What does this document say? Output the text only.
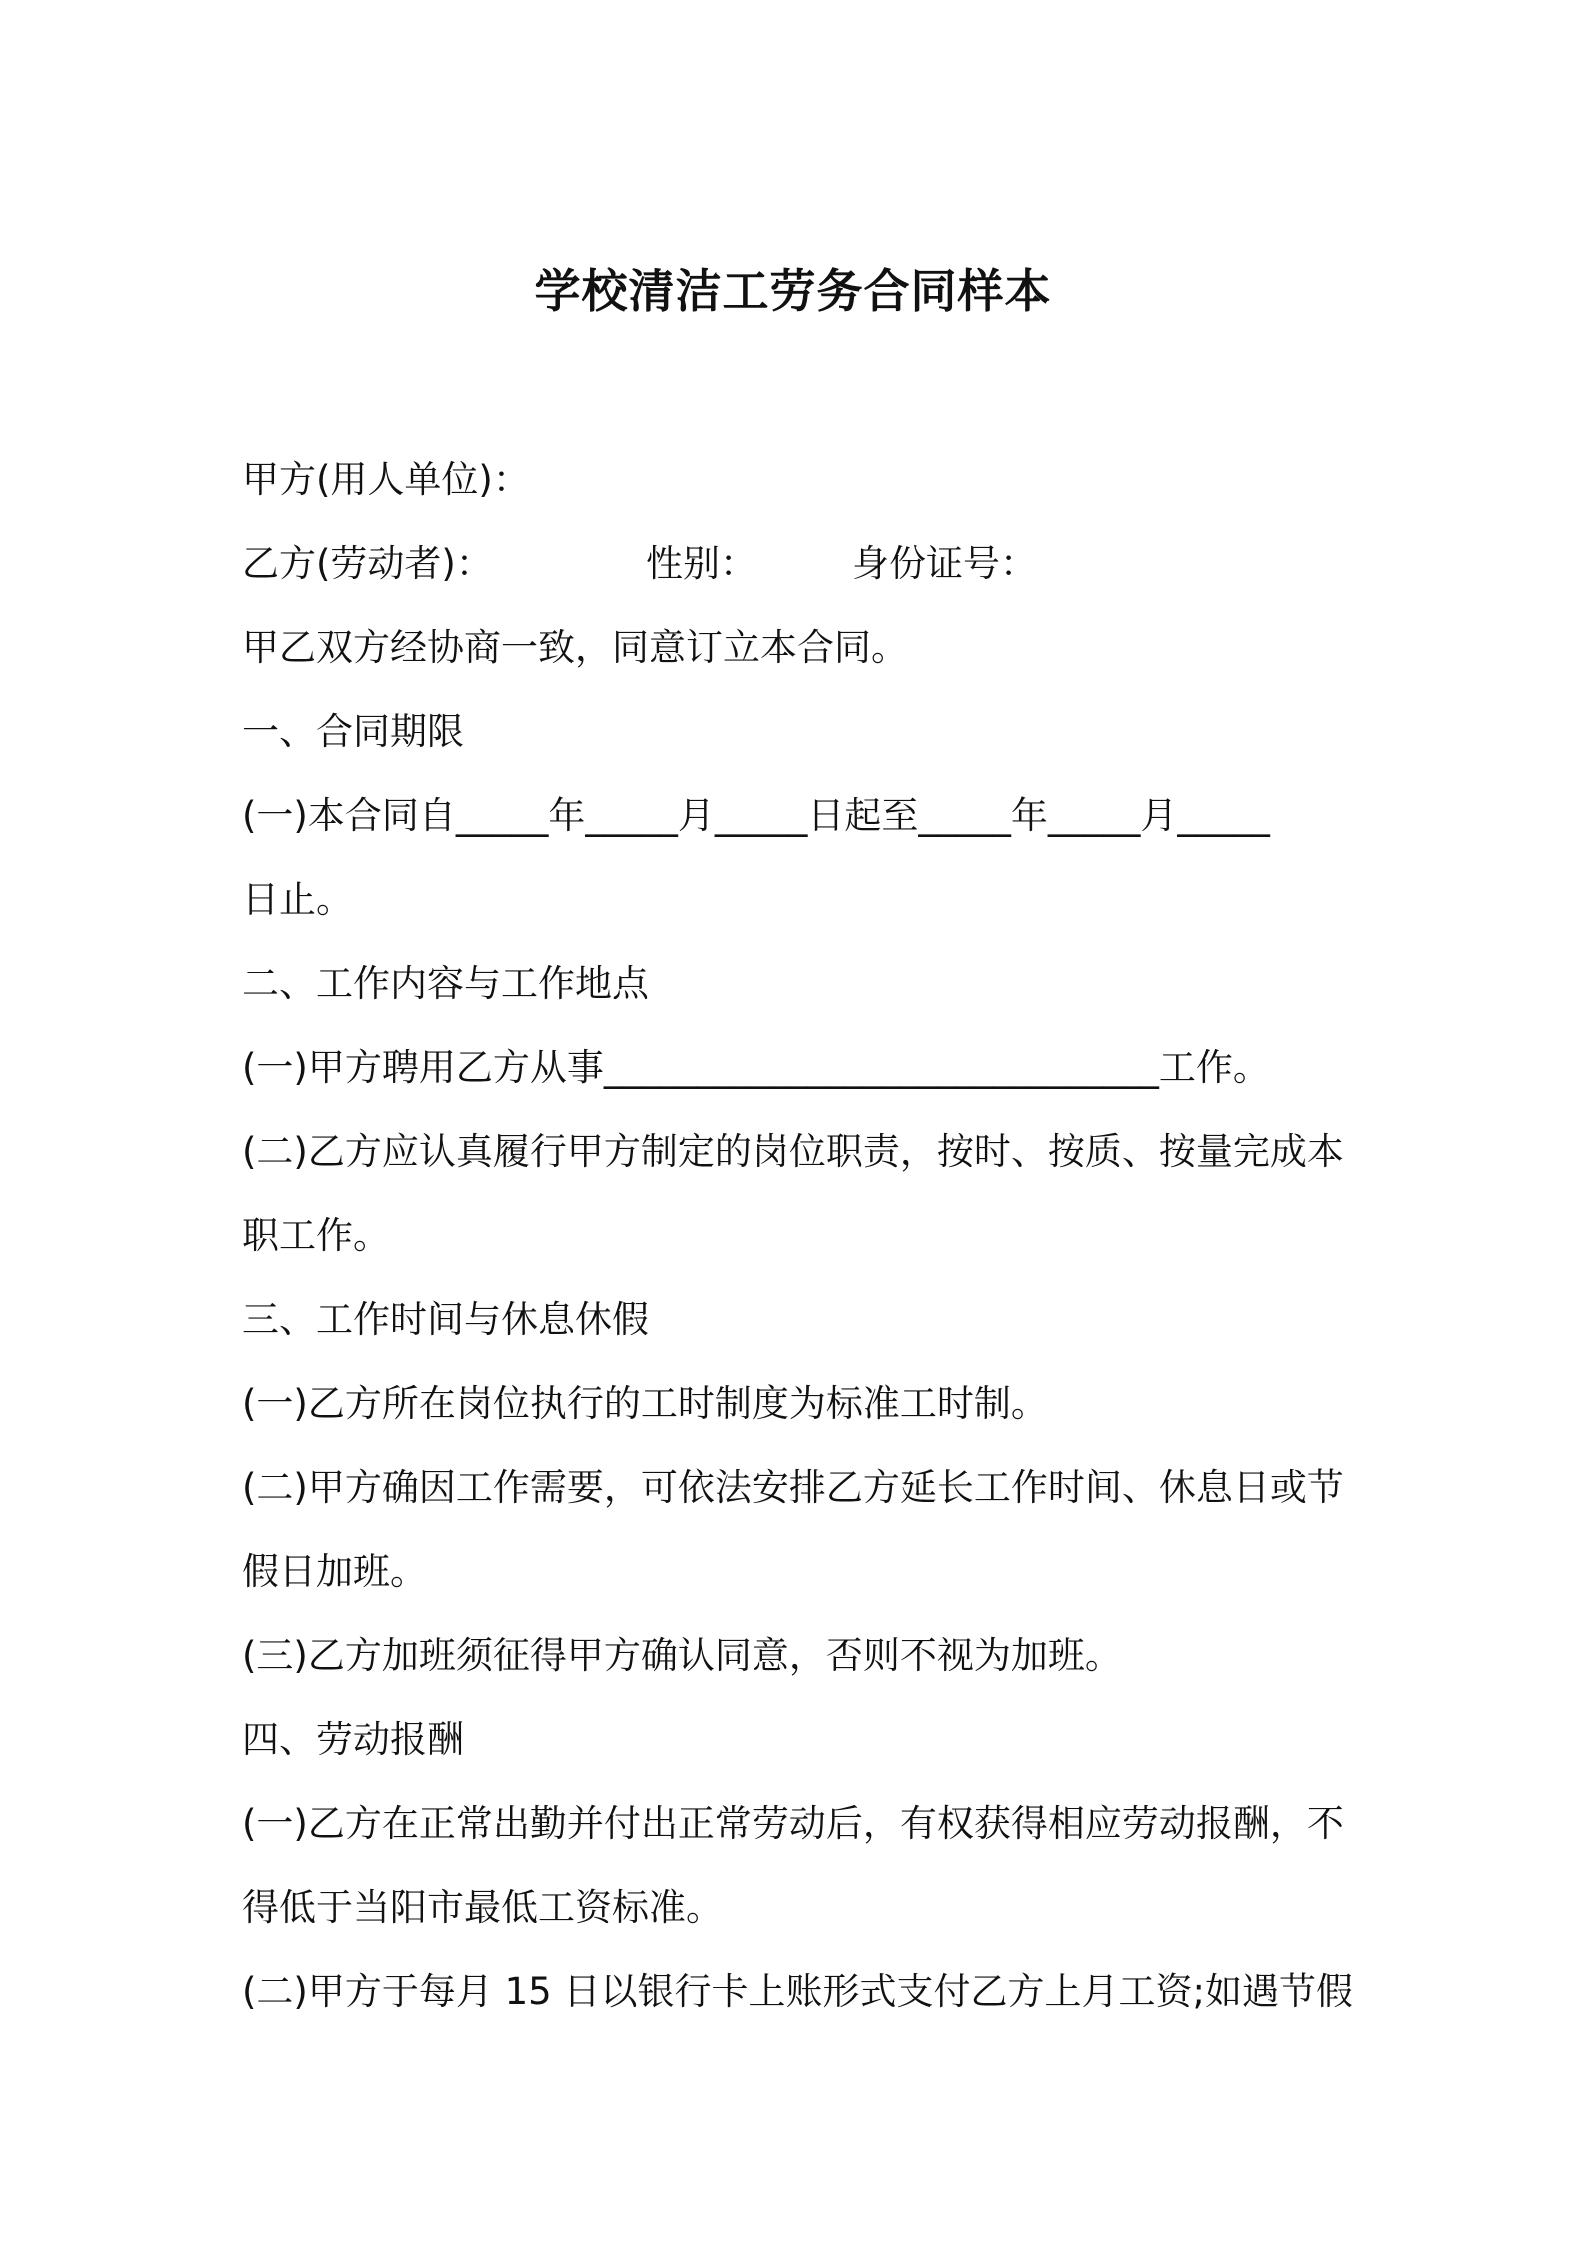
学校清洁工劳务合同样本
甲方(用人单位)：
乙方(劳动者)：	性别：	身份证号：
甲乙双方经协商一致，同意订立本合同。
一、合同期限
(一)本合同自_____年_____月_____日起至_____年_____月_____
日止。
二、工作内容与工作地点
(一)甲方聘用乙方从事______________________________工作。
(二)乙方应认真履行甲方制定的岗位职责，按时、按质、按量完成本
职工作。
三、工作时间与休息休假
(一)乙方所在岗位执行的工时制度为标准工时制。
(二)甲方确因工作需要，可依法安排乙方延长工作时间、休息日或节
假日加班。
(三)乙方加班须征得甲方确认同意，否则不视为加班。
四、劳动报酬
(一)乙方在正常出勤并付出正常劳动后，有权获得相应劳动报酬，不
得低于当阳市最低工资标准。
(二)甲方于每月 15 日以银行卡上账形式支付乙方上月工资;如遇节假
